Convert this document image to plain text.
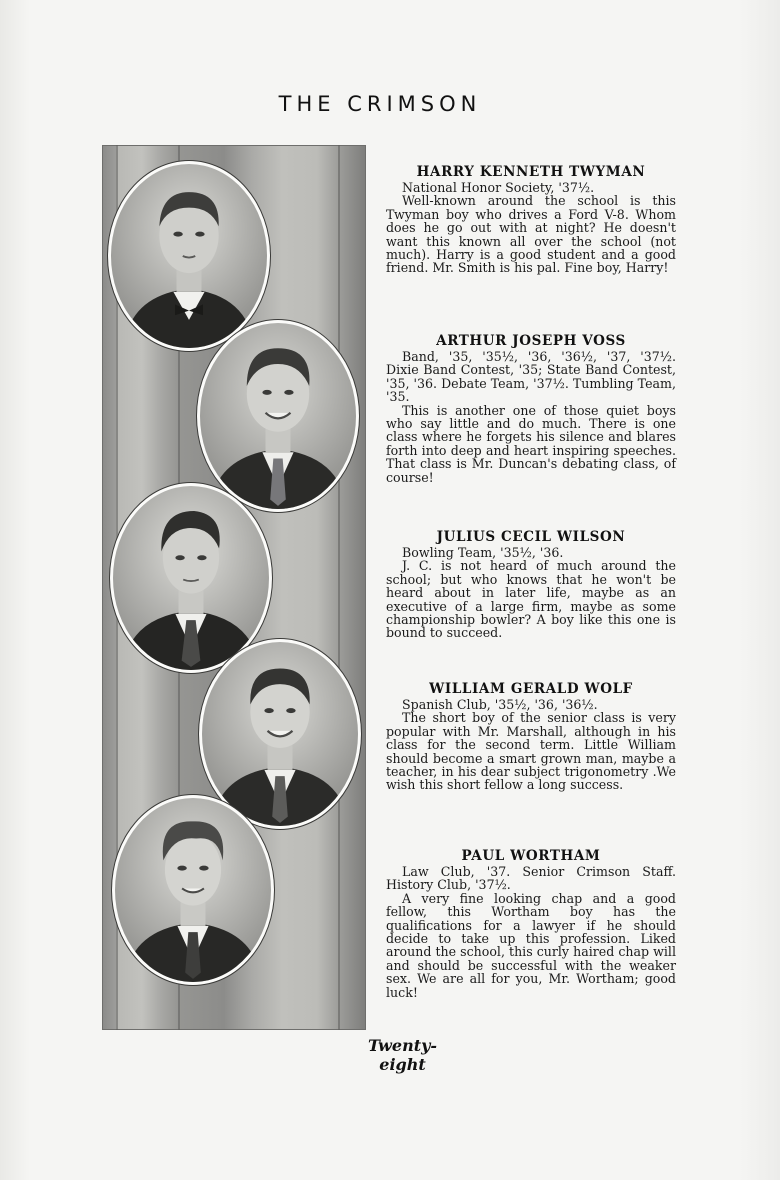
THE CRIMSON
HARRY KENNETH TWYMAN

National Honor Society, '37½.

Well-known around the school is this Twyman boy who drives a Ford V-8. Whom does he go out with at night? He doesn't want this known all over the school (not much). Harry is a good student and a good friend. Mr. Smith is his pal. Fine boy, Harry!

ARTHUR JOSEPH VOSS

Band, '35, '35½, '36, '36½, '37, '37½. Dixie Band Contest, '35; State Band Contest, '35, '36. Debate Team, '37½. Tumbling Team, '35.

This is another one of those quiet boys who say little and do much. There is one class where he forgets his silence and blares forth into deep and heart inspiring speeches. That class is Mr. Duncan's debating class, of course!

JULIUS CECIL WILSON

Bowling Team, '35½, '36.

J. C. is not heard of much around the school; but who knows that he won't be heard about in later life, maybe as an executive of a large firm, maybe as some championship bowler? A boy like this one is bound to succeed.

WILLIAM GERALD WOLF

Spanish Club, '35½, '36, '36½.

The short boy of the senior class is very popular with Mr. Marshall, although in his class for the second term. Little William should become a smart grown man, maybe a teacher, in his dear subject trigonometry .We wish this short fellow a long success.

PAUL WORTHAM

Law Club, '37. Senior Crimson Staff. History Club, '37½.

A very fine looking chap and a good fellow, this Wortham boy has the qualifications for a lawyer if he should decide to take up this profession. Liked around the school, this curly haired chap will and should be successful with the weaker sex. We are all for you, Mr. Wortham; good luck!

Twenty-eight
